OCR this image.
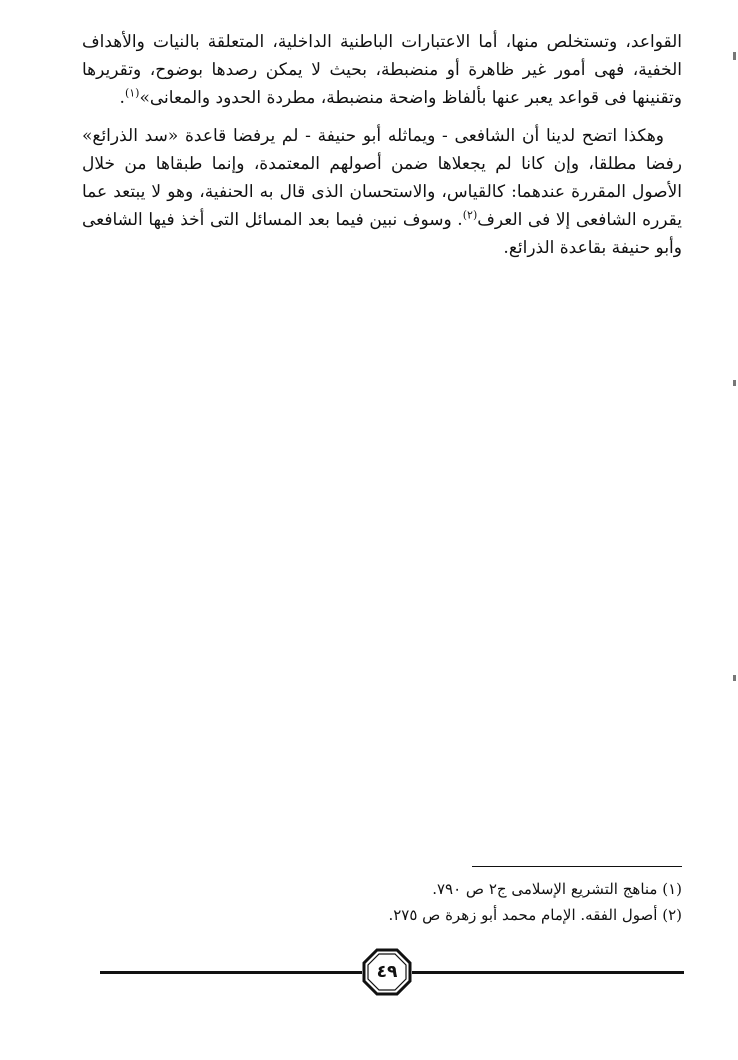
القواعد، وتستخلص منها، أما الاعتبارات الباطنية الداخلية، المتعلقة بالنيات والأهداف الخفية، فهى أمور غير ظاهرة أو منضبطة، بحيث لا يمكن رصدها بوضوح، وتقريرها وتقنينها فى قواعد يعبر عنها بألفاظ واضحة منضبطة، مطردة الحدود والمعانى»$^{(١)}$.

وهكذا اتضح لدينا أن الشافعى - ويماثله أبو حنيفة - لم يرفضا قاعدة «سد الذرائع» رفضا مطلقا، وإن كانا لم يجعلاها ضمن أصولهم المعتمدة، وإنما طبقاها من خلال الأصول المقررة عندهما: كالقياس، والاستحسان الذى قال به الحنفية، وهو لا يبتعد عما يقرره الشافعى إلا فى العرف$^{(٢)}$. وسوف نبين فيما بعد المسائل التى أخذ فيها الشافعى وأبو حنيفة بقاعدة الذرائع.

(١) مناهج التشريع الإسلامى ج٢ ص ٧٩٠.

(٢) أصول الفقه. الإمام محمد أبو زهرة ص ٢٧٥.

٤٩
